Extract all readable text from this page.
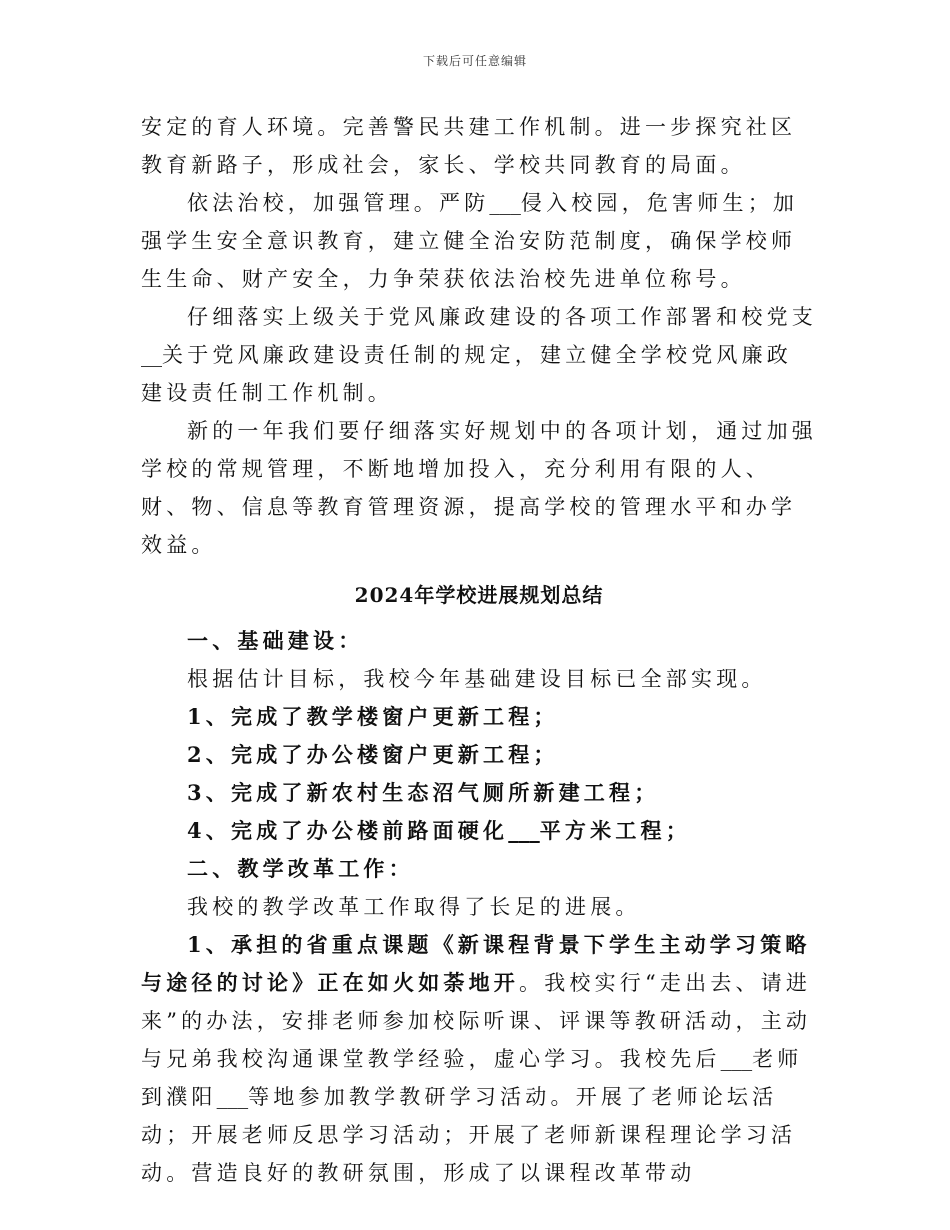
下载后可任意编辑

安定的育人环境。完善警民共建工作机制。进一步探究社区教育新路子，形成社会，家长、学校共同教育的局面。

依法治校，加强管理。严防___侵入校园，危害师生；加强学生安全意识教育，建立健全治安防范制度，确保学校师生生命、财产安全，力争荣获依法治校先进单位称号。

仔细落实上级关于党风廉政建设的各项工作部署和校党支__关于党风廉政建设责任制的规定，建立健全学校党风廉政建设责任制工作机制。

新的一年我们要仔细落实好规划中的各项计划，通过加强学校的常规管理，不断地增加投入，充分利用有限的人、财、物、信息等教育管理资源，提高学校的管理水平和办学效益。

2024年学校进展规划总结

一、基础建设：

根据估计目标，我校今年基础建设目标已全部实现。

1、完成了教学楼窗户更新工程；

2、完成了办公楼窗户更新工程；

3、完成了新农村生态沼气厕所新建工程；

4、完成了办公楼前路面硬化___平方米工程；

二、教学改革工作：

我校的教学改革工作取得了长足的进展。

1、承担的省重点课题《新课程背景下学生主动学习策略与途径的讨论》正在如火如荼地开。我校实行“走出去、请进来”的办法，安排老师参加校际听课、评课等教研活动，主动与兄弟我校沟通课堂教学经验，虚心学习。我校先后___老师到濮阳___等地参加教学教研学习活动。开展了老师论坛活动；开展老师反思学习活动；开展了老师新课程理论学习活动。营造良好的教研氛围，形成了以课程改革带动
